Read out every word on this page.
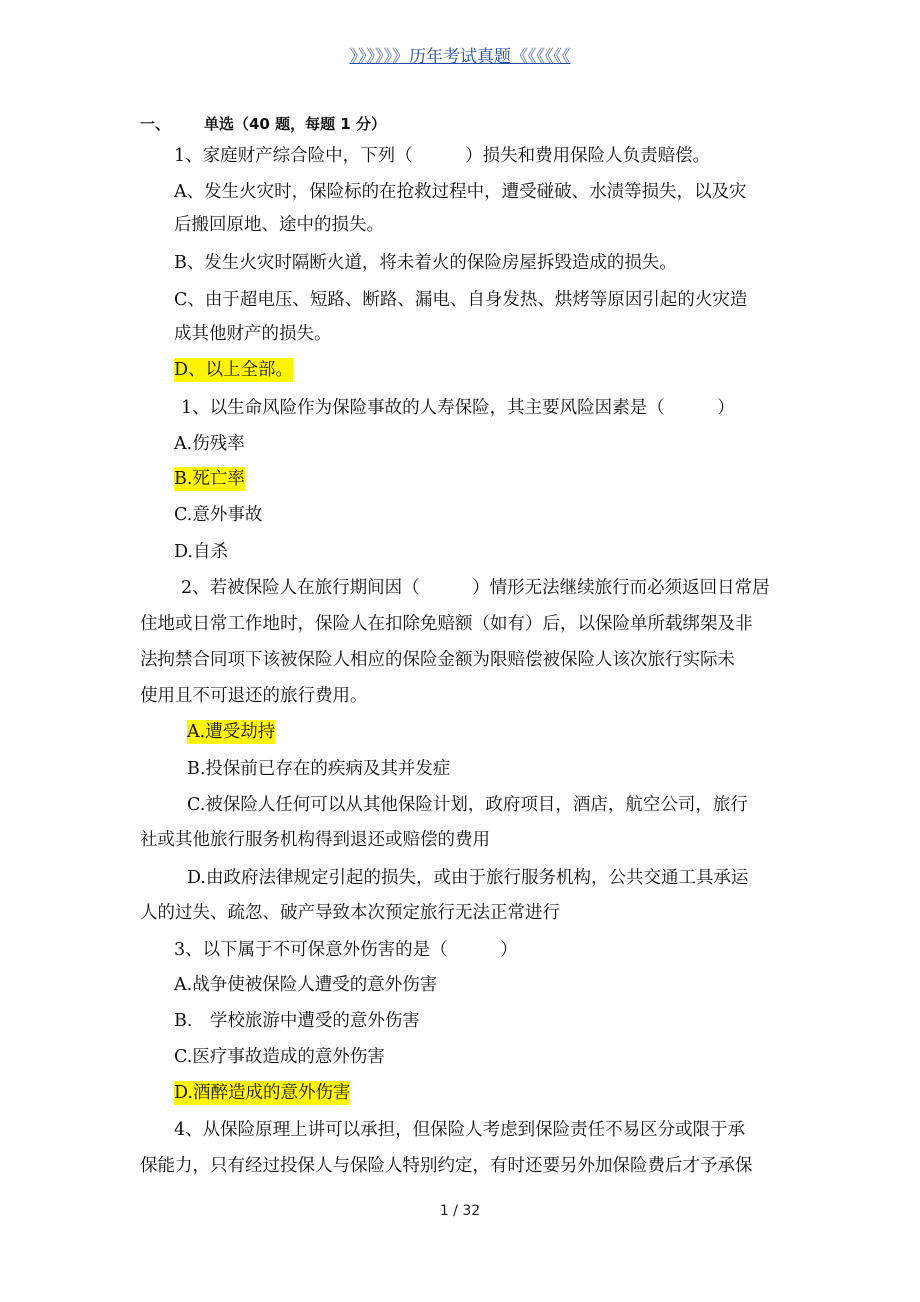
》》》》》》历年考试真题《《《《《《
一、 单选（40 题，每题 1 分）
1、家庭财产综合险中，下列（　　　）损失和费用保险人负责赔偿。
A、发生火灾时，保险标的在抢救过程中，遭受碰破、水渍等损失，以及灾
后搬回原地、途中的损失。
B、发生火灾时隔断火道，将未着火的保险房屋拆毁造成的损失。
C、由于超电压、短路、断路、漏电、自身发热、烘烤等原因引起的火灾造
成其他财产的损失。
D、以上全部。
1、以生命风险作为保险事故的人寿保险，其主要风险因素是（　　　）
A.伤残率
B.死亡率
C.意外事故
D.自杀
2、若被保险人在旅行期间因（　　　）情形无法继续旅行而必须返回日常居
住地或日常工作地时，保险人在扣除免赔额（如有）后，以保险单所载绑架及非
法拘禁合同项下该被保险人相应的保险金额为限赔偿被保险人该次旅行实际未
使用且不可退还的旅行费用。
A.遭受劫持
B.投保前已存在的疾病及其并发症
C.被保险人任何可以从其他保险计划，政府项目，酒店，航空公司，旅行
社或其他旅行服务机构得到退还或赔偿的费用
D.由政府法律规定引起的损失，或由于旅行服务机构，公共交通工具承运
人的过失、疏忽、破产导致本次预定旅行无法正常进行
3、以下属于不可保意外伤害的是（　　　）
A.战争使被保险人遭受的意外伤害
B.　学校旅游中遭受的意外伤害
C.医疗事故造成的意外伤害
D.酒醉造成的意外伤害
4、从保险原理上讲可以承担，但保险人考虑到保险责任不易区分或限于承
保能力，只有经过投保人与保险人特别约定，有时还要另外加保险费后才予承保
1 / 32
